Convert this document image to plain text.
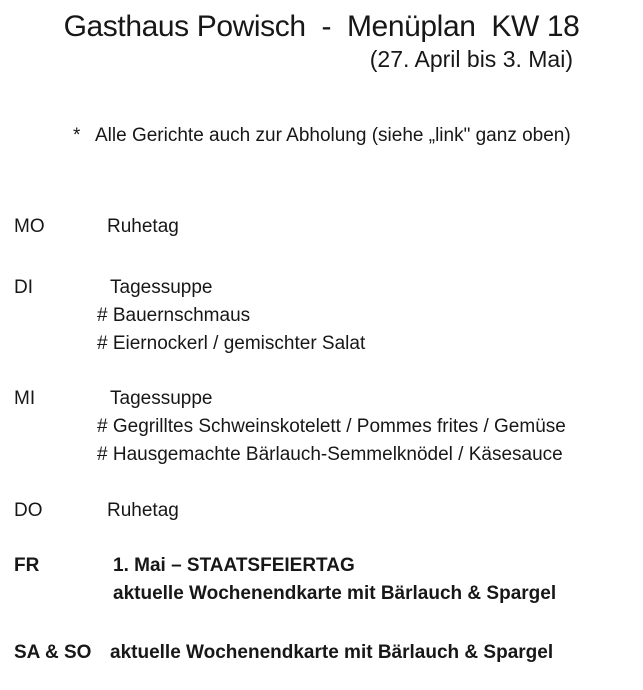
Gasthaus Powisch  -  Menüplan  KW 18
(27. April bis 3. Mai)
* Alle Gerichte auch zur Abholung (siehe „link" ganz oben)
MO	Ruhetag
DI	Tagessuppe
# Bauernschmaus
# Eiernockerl / gemischter Salat
MI	Tagessuppe
# Gegrilltes Schweinskotelett / Pommes frites / Gemüse
# Hausgemachte Bärlauch-Semmelknödel / Käsesauce
DO	Ruhetag
FR	1. Mai – STAATSFEIERTAG
aktuelle Wochenendkarte mit Bärlauch & Spargel
SA & SO aktuelle Wochenendkarte mit Bärlauch & Spargel
